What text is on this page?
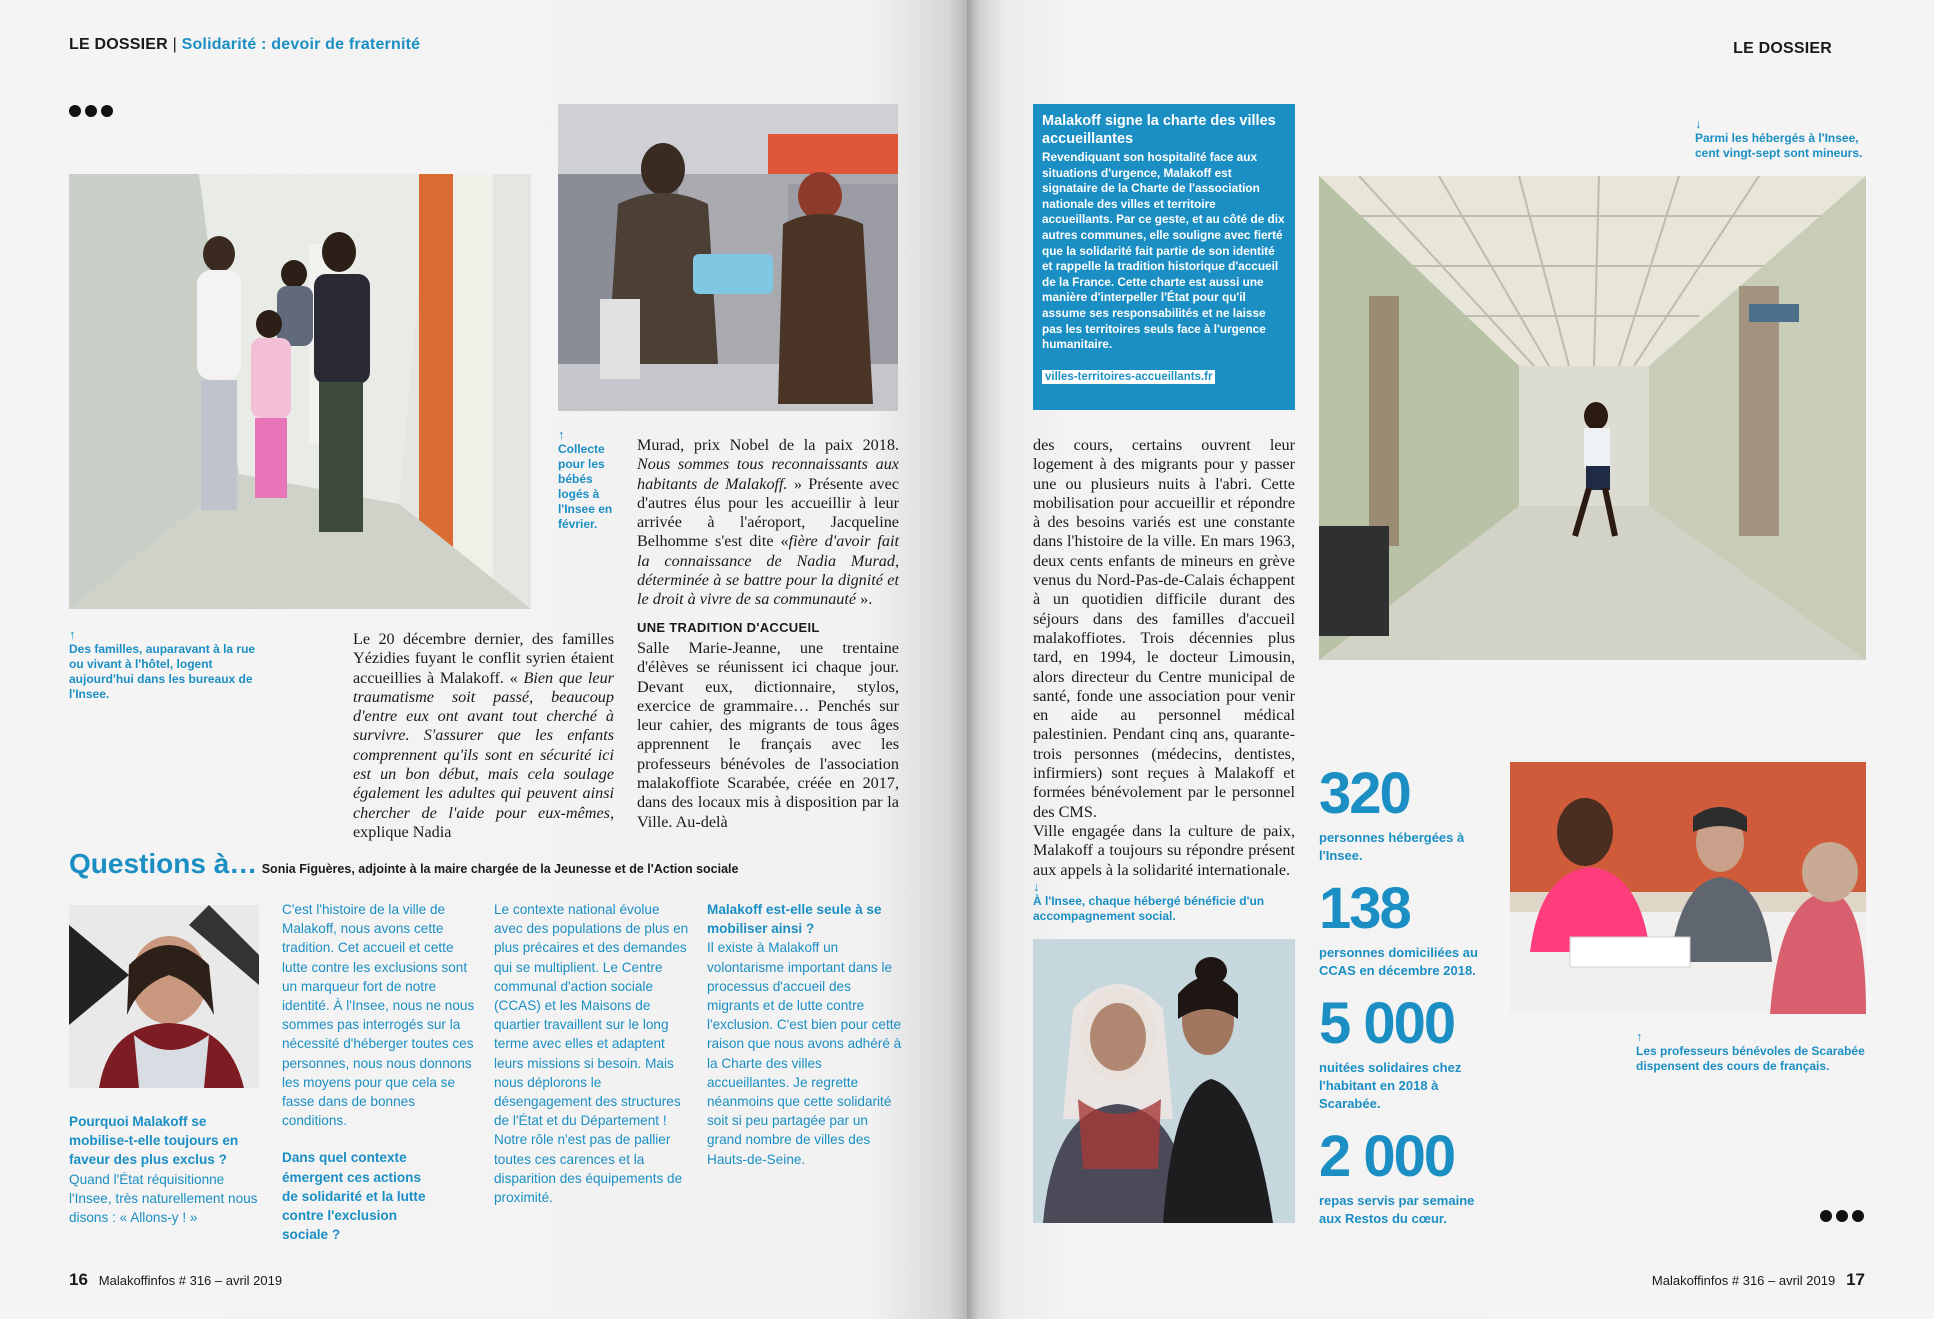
LE DOSSIER | Solidarité : devoir de fraternité
↑
Des familles, auparavant à la rue ou vivant à l'hôtel, logent aujourd'hui dans les bureaux de l'Insee.
↑
Collecte pour les bébés logés à l'Insee en février.
Murad, prix Nobel de la paix 2018. Nous sommes tous reconnaissants aux habitants de Malakoff. » Présente avec d'autres élus pour les accueillir à leur arrivée à l'aéroport, Jacqueline Belhomme s'est dite «fière d'avoir fait la connaissance de Nadia Murad, déterminée à se battre pour la dignité et le droit à vivre de sa communauté ».
UNE TRADITION D'ACCUEIL
Salle Marie-Jeanne, une trentaine d'élèves se réunissent ici chaque jour. Devant eux, dictionnaire, stylos, exercice de grammaire… Penchés sur leur cahier, des migrants de tous âges apprennent le français avec les professeurs bénévoles de l'association malakoffiote Scarabée, créée en 2017, dans des locaux mis à disposition par la Ville. Au-delà
Le 20 décembre dernier, des familles Yézidies fuyant le conflit syrien étaient accueillies à Malakoff. « Bien que leur traumatisme soit passé, beaucoup d'entre eux ont avant tout cherché à survivre. S'assurer que les enfants comprennent qu'ils sont en sécurité ici est un bon début, mais cela soulage également les adultes qui peuvent ainsi chercher de l'aide pour eux-mêmes, explique Nadia
Questions à… Sonia Figuères, adjointe à la maire chargée de la Jeunesse et de l'Action sociale
Pourquoi Malakoff se mobilise-t-elle toujours en faveur des plus exclus ?
Quand l'État réquisitionne l'Insee, très naturellement nous disons : « Allons-y ! »
C'est l'histoire de la ville de Malakoff, nous avons cette tradition. Cet accueil et cette lutte contre les exclusions sont un marqueur fort de notre identité. À l'Insee, nous ne nous sommes pas interrogés sur la nécessité d'héberger toutes ces personnes, nous nous donnons les moyens pour que cela se fasse dans de bonnes conditions.
Dans quel contexte émergent ces actions de solidarité et la lutte contre l'exclusion sociale ?
Le contexte national évolue avec des populations de plus en plus précaires et des demandes qui se multiplient. Le Centre communal d'action sociale (CCAS) et les Maisons de quartier travaillent sur le long terme avec elles et adaptent leurs missions si besoin. Mais nous déplorons le désengagement des structures de l'État et du Département ! Notre rôle n'est pas de pallier toutes ces carences et la disparition des équipements de proximité.
Malakoff est-elle seule à se mobiliser ainsi ?
Il existe à Malakoff un volontarisme important dans le processus d'accueil des migrants et de lutte contre l'exclusion. C'est bien pour cette raison que nous avons adhéré à la Charte des villes accueillantes. Je regrette néanmoins que cette solidarité soit si peu partagée par un grand nombre de villes des Hauts-de-Seine.
16 Malakoffinfos # 316 – avril 2019
LE DOSSIER
Malakoff signe la charte des villes accueillantes

Revendiquant son hospitalité face aux situations d'urgence, Malakoff est signataire de la Charte de l'association nationale des villes et territoire accueillants. Par ce geste, et au côté de dix autres communes, elle souligne avec fierté que la solidarité fait partie de son identité et rappelle la tradition historique d'accueil de la France. Cette charte est aussi une manière d'interpeller l'État pour qu'il assume ses responsabilités et ne laisse pas les territoires seuls face à l'urgence humanitaire.

villes-territoires-accueillants.fr
↓
Parmi les hébergés à l'Insee, cent vingt-sept sont mineurs.
des cours, certains ouvrent leur logement à des migrants pour y passer une ou plusieurs nuits à l'abri. Cette mobilisation pour accueillir et répondre à des besoins variés est une constante dans l'histoire de la ville. En mars 1963, deux cents enfants de mineurs en grève venus du Nord-Pas-de-Calais échappent à un quotidien difficile durant des séjours dans des familles d'accueil malakoffiotes. Trois décennies plus tard, en 1994, le docteur Limousin, alors directeur du Centre municipal de santé, fonde une association pour venir en aide au personnel médical palestinien. Pendant cinq ans, quarante-trois personnes (médecins, dentistes, infirmiers) sont reçues à Malakoff et formées bénévolement par le personnel des CMS.
Ville engagée dans la culture de paix, Malakoff a toujours su répondre présent aux appels à la solidarité internationale.
↓
À l'Insee, chaque hébergé bénéficie d'un accompagnement social.
320
personnes hébergées à l'Insee.
138
personnes domiciliées au CCAS en décembre 2018.
5 000
nuitées solidaires chez l'habitant en 2018 à Scarabée.
2 000
repas servis par semaine aux Restos du cœur.
↑
Les professeurs bénévoles de Scarabée dispensent des cours de français.
Malakoffinfos # 316 – avril 2019 17
